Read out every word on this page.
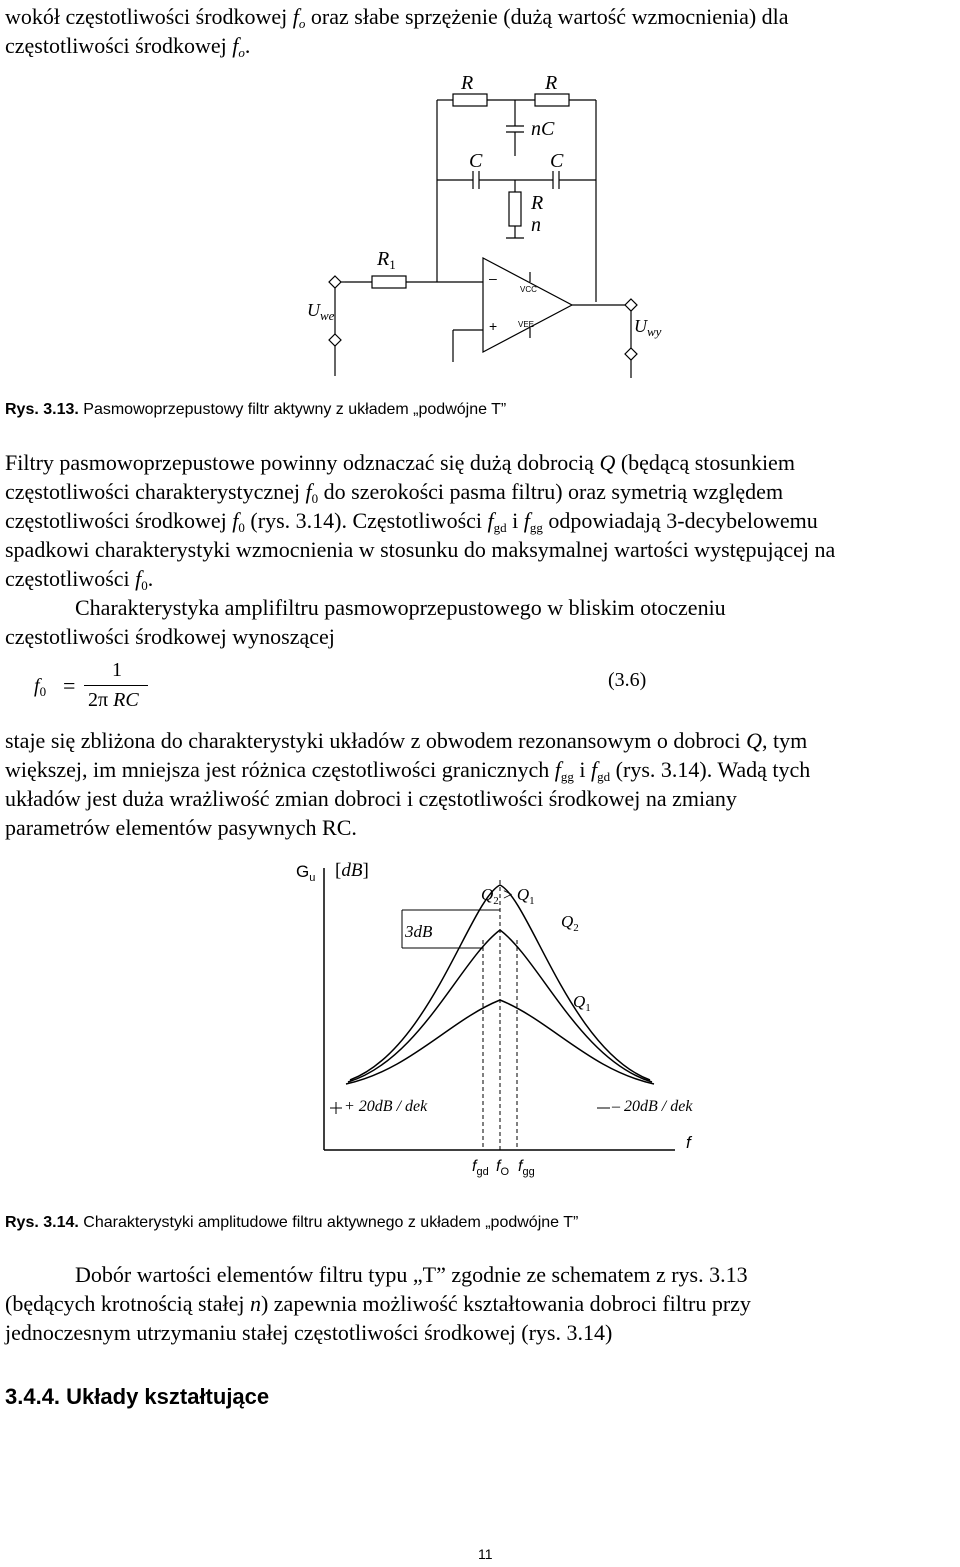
wokół częstotliwości środkowej $f_o$ oraz słabe sprzężenie (dużą wartość wzmocnienia) dla
częstotliwości środkowej $f_o$.
R	R
nC
C	C
R
n
$R_1$
$U_{we}$
$U_{wy}$
–
+
VCC
VEE
Rys. 3.13. Pasmowoprzepustowy filtr aktywny z układem „podwójne T”
Filtry pasmowoprzepustowe powinny odznaczać się dużą dobrocią Q (będącą stosunkiem
częstotliwości charakterystycznej $f_0$ do szerokości pasma filtru) oraz symetrią względem
częstotliwości środkowej $f_0$ (rys. 3.14). Częstotliwości $f_{gd}$ i $f_{gg}$ odpowiadają 3-decybelowemu
spadkowi charakterystyki wzmocnienia w stosunku do maksymalnej wartości występującej na
częstotliwości $f_0$.
Charakterystyka amplifiltru pasmowoprzepustowego w bliskim otoczeniu
częstotliwości środkowej wynoszącej
$f_0$ =
1
2π RC
(3.6)
staje się zbliżona do charakterystyki układów z obwodem rezonansowym o dobroci Q, tym
większej, im mniejsza jest różnica częstotliwości granicznych $f_{gg}$ i $f_{gd}$ (rys. 3.14). Wadą tych
układów jest duża wrażliwość zmian dobroci i częstotliwości środkowej na zmiany
parametrów elementów pasywnych RC.
$G_u$ [dB]
$Q_2 > Q_1$
$Q_2$
3dB
$Q_1$
+ 20dB / dek	– 20dB / dek
f
$f_{gd}$ $f_O$ $f_{gg}$
Rys. 3.14. Charakterystyki amplitudowe filtru aktywnego z układem „podwójne T”
Dobór wartości elementów filtru typu „T” zgodnie ze schematem z rys. 3.13
(będących krotnością stałej n) zapewnia możliwość kształtowania dobroci filtru przy
jednoczesnym utrzymaniu stałej częstotliwości środkowej (rys. 3.14)
3.4.4. Układy kształtujące
11
